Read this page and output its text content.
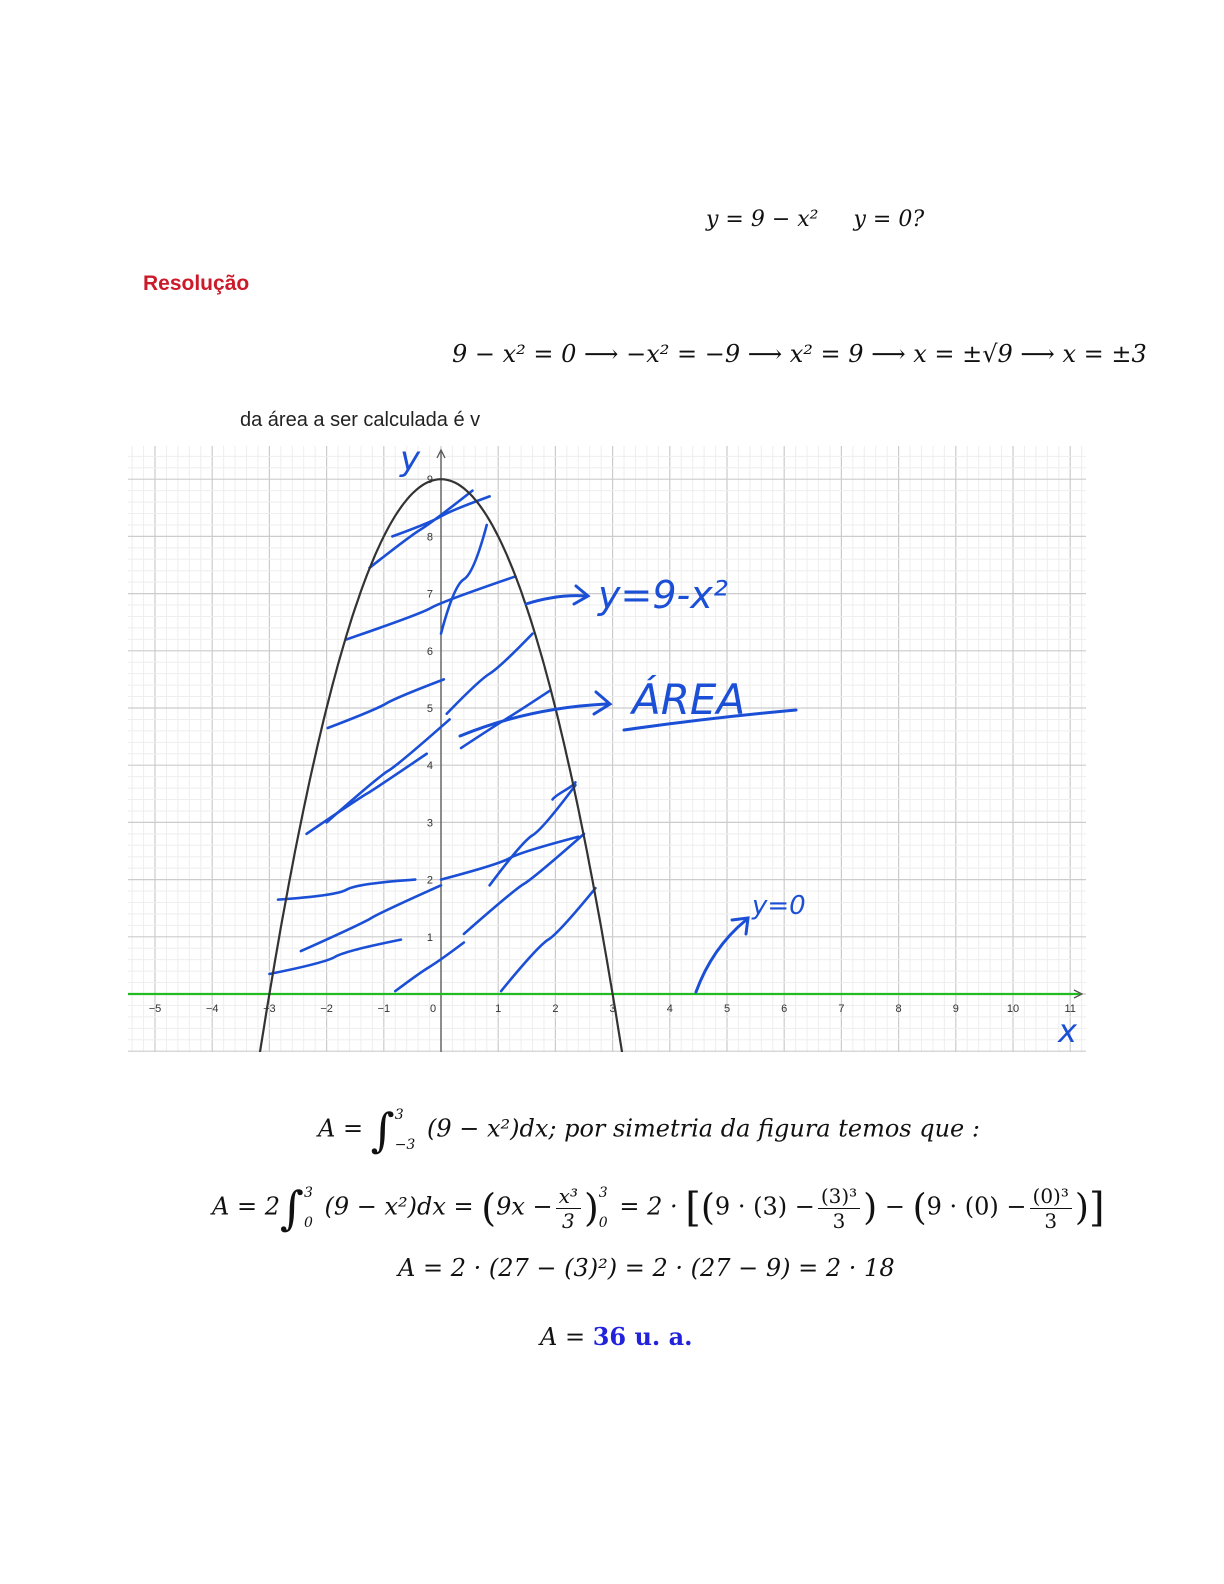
y = 9 − x² y = 0?
Resolução
9 − x² = 0 ⟶ −x² = −9 ⟶ x² = 9 ⟶ x = ±√9 ⟶ x = ±3
da área a ser calculada é v
−5	−4	−3	−2	−1	0	1	2	3	4	5	6	7	8	9	10	11
1
2
3
4
5
6
7
8
9
y
x
y=9-x²
ÁREA
y=0
A = ∫ 3
−3
(9 − x²)dx; por simetria da figura temos que :
A = 2∫ 3
0
$(9 - x^2)dx = (9x - \frac{\text{x³}}{3}$ ) 3
0
= $2 \cdot [(9 \cdot (3) - \frac{\text{(3)³}}{3}$ ) − ($9 \cdot (0) - \frac{\text{(0)³}}{3}$ )]
A = 2 · (27 − (3)²) = 2 · (27 − 9) = 2 · 18
A = 36 u. a.
